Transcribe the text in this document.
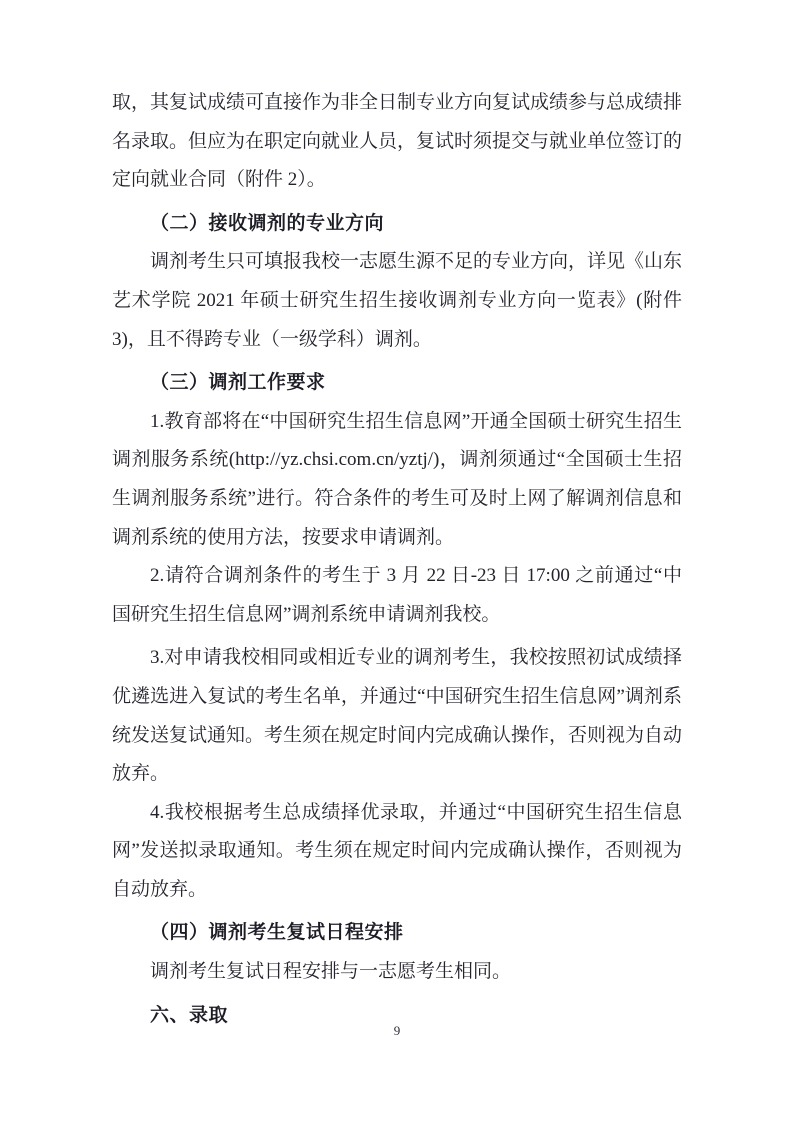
取，其复试成绩可直接作为非全日制专业方向复试成绩参与总成绩排名录取。但应为在职定向就业人员，复试时须提交与就业单位签订的定向就业合同（附件 2）。

（二）接收调剂的专业方向

调剂考生只可填报我校一志愿生源不足的专业方向，详见《山东艺术学院 2021 年硕士研究生招生接收调剂专业方向一览表》(附件 3)，且不得跨专业（一级学科）调剂。

（三）调剂工作要求

1.教育部将在“中国研究生招生信息网”开通全国硕士研究生招生调剂服务系统(http://yz.chsi.com.cn/yztj/)，调剂须通过“全国硕士生招生调剂服务系统”进行。符合条件的考生可及时上网了解调剂信息和调剂系统的使用方法，按要求申请调剂。

2.请符合调剂条件的考生于 3 月 22 日-23 日 17:00 之前通过“中国研究生招生信息网”调剂系统申请调剂我校。

3.对申请我校相同或相近专业的调剂考生，我校按照初试成绩择优遴选进入复试的考生名单，并通过“中国研究生招生信息网”调剂系统发送复试通知。考生须在规定时间内完成确认操作，否则视为自动放弃。

4.我校根据考生总成绩择优录取，并通过“中国研究生招生信息网”发送拟录取通知。考生须在规定时间内完成确认操作，否则视为自动放弃。

（四）调剂考生复试日程安排

调剂考生复试日程安排与一志愿考生相同。

六、录取
9
